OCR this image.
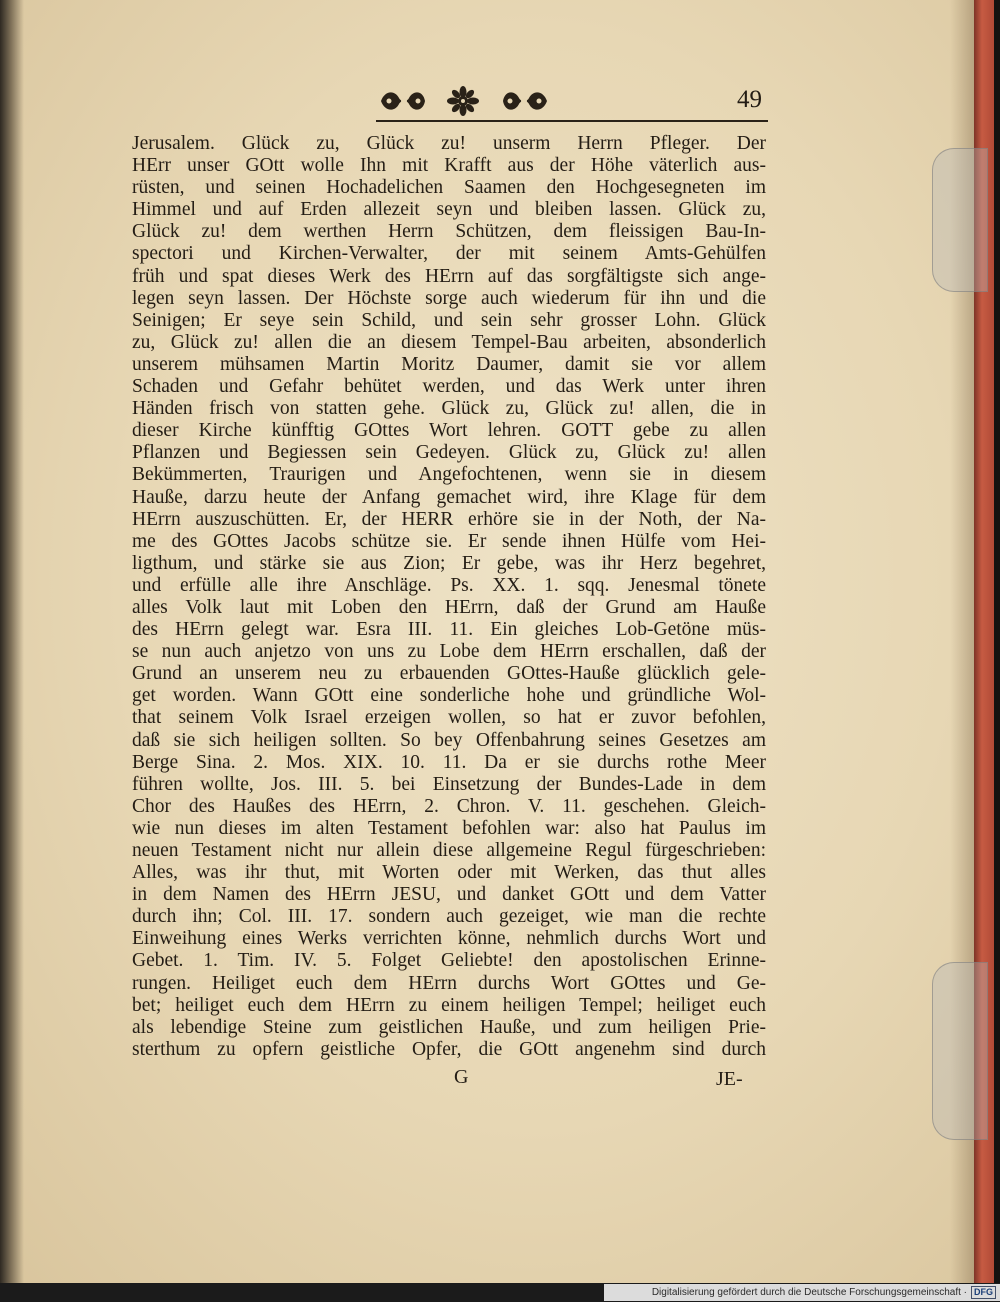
49
Jerusalem. Glück zu, Glück zu! unserm Herrn Pfleger. Der
HErr unser GOtt wolle Ihn mit Krafft aus der Höhe väterlich aus-
rüsten, und seinen Hochadelichen Saamen den Hochgesegneten im
Himmel und auf Erden allezeit seyn und bleiben lassen. Glück zu,
Glück zu! dem werthen Herrn Schützen, dem fleissigen Bau-In-
spectori und Kirchen-Verwalter, der mit seinem Amts-Gehülfen
früh und spat dieses Werk des HErrn auf das sorgfältigste sich ange-
legen seyn lassen. Der Höchste sorge auch wiederum für ihn und die
Seinigen; Er seye sein Schild, und sein sehr grosser Lohn. Glück
zu, Glück zu! allen die an diesem Tempel-Bau arbeiten, absonderlich
unserem mühsamen Martin Moritz Daumer, damit sie vor allem
Schaden und Gefahr behütet werden, und das Werk unter ihren
Händen frisch von statten gehe. Glück zu, Glück zu! allen, die in
dieser Kirche künfftig GOttes Wort lehren. GOTT gebe zu allen
Pflanzen und Begiessen sein Gedeyen. Glück zu, Glück zu! allen
Bekümmerten, Traurigen und Angefochtenen, wenn sie in diesem
Hauße, darzu heute der Anfang gemachet wird, ihre Klage für dem
HErrn auszuschütten. Er, der HERR erhöre sie in der Noth, der Na-
me des GOttes Jacobs schütze sie. Er sende ihnen Hülfe vom Hei-
ligthum, und stärke sie aus Zion; Er gebe, was ihr Herz begehret,
und erfülle alle ihre Anschläge. Ps. XX. 1. sqq. Jenesmal tönete
alles Volk laut mit Loben den HErrn, daß der Grund am Hauße
des HErrn gelegt war. Esra III. 11. Ein gleiches Lob-Getöne müs-
se nun auch anjetzo von uns zu Lobe dem HErrn erschallen, daß der
Grund an unserem neu zu erbauenden GOttes-Hauße glücklich gele-
get worden. Wann GOtt eine sonderliche hohe und gründliche Wol-
that seinem Volk Israel erzeigen wollen, so hat er zuvor befohlen,
daß sie sich heiligen sollten. So bey Offenbahrung seines Gesetzes am
Berge Sina. 2. Mos. XIX. 10. 11. Da er sie durchs rothe Meer
führen wollte, Jos. III. 5. bei Einsetzung der Bundes-Lade in dem
Chor des Haußes des HErrn, 2. Chron. V. 11. geschehen. Gleich-
wie nun dieses im alten Testament befohlen war: also hat Paulus im
neuen Testament nicht nur allein diese allgemeine Regul fürgeschrieben:
Alles, was ihr thut, mit Worten oder mit Werken, das thut alles
in dem Namen des HErrn JESU, und danket GOtt und dem Vatter
durch ihn; Col. III. 17. sondern auch gezeiget, wie man die rechte
Einweihung eines Werks verrichten könne, nehmlich durchs Wort und
Gebet. 1. Tim. IV. 5. Folget Geliebte! den apostolischen Erinne-
rungen. Heiliget euch dem HErrn durchs Wort GOttes und Ge-
bet; heiliget euch dem HErrn zu einem heiligen Tempel; heiliget euch
als lebendige Steine zum geistlichen Hauße, und zum heiligen Prie-
sterthum zu opfern geistliche Opfer, die GOtt angenehm sind durch
G	JE-
Digitalisierung gefördert durch die Deutsche Forschungsgemeinschaft · DFG
